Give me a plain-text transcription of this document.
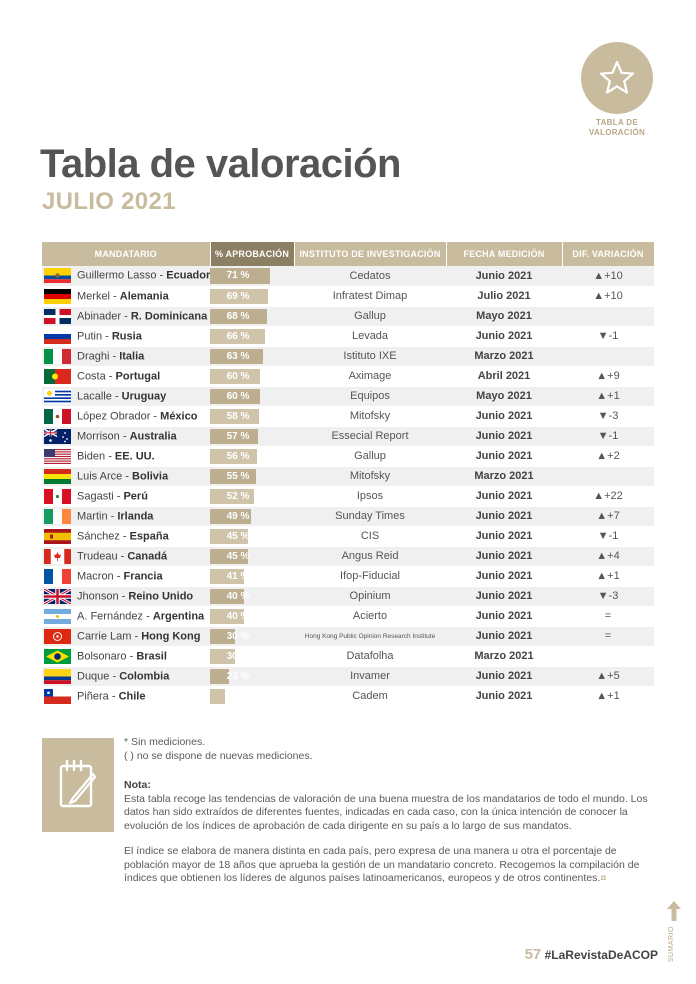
TABLA DE
VALORACIÓN
Tabla de valoración
JULIO 2021
MANDATARIO	% APROBACIÓN	INSTITUTO DE INVESTIGACIÓN	FECHA MEDICIÓN	DIF. VARIACIÓN
Guillermo Lasso - Ecuador	71 %	Cedatos	Junio 2021	▲+10
Merkel - Alemania	69 %	Infratest Dimap	Julio 2021	▲+10
Abinader - R. Dominicana	68 %	Gallup	Mayo 2021	
Putin - Rusia	66 %	Levada	Junio 2021	▼-1
Draghi - Italia	63 %	Istituto IXE	Marzo 2021	
Costa - Portugal	60 %	Aximage	Abril 2021	▲+9
Lacalle - Uruguay	60 %	Equipos	Mayo 2021	▲+1
López Obrador - México	58 %	Mitofsky	Junio 2021	▼-3
Morrison - Australia	57 %	Essecial Report	Junio 2021	▼-1
Biden - EE. UU.	56 %	Gallup	Junio 2021	▲+2
Luis Arce - Bolivia	55 %	Mitofsky	Marzo 2021	
Sagasti - Perú	52 %	Ipsos	Junio 2021	▲+22
Martin - Irlanda	49 %	Sunday Times	Junio 2021	▲+7
Sánchez - España	45 %	CIS	Junio 2021	▼-1
Trudeau - Canadá	45 %	Angus Reid	Junio 2021	▲+4
Macron - Francia	41 %	Ifop-Fiducial	Junio 2021	▲+1
Jhonson - Reino Unido	40 %	Opinium	Junio 2021	▼-3
A. Fernández - Argentina	40 %	Acierto	Junio 2021	=
Carrie Lam - Hong Kong	30 %	Hong Kong Public Opinion Research Institute	Junio 2021	=
Bolsonaro - Brasil	30 %	Datafolha	Marzo 2021	
Duque - Colombia	23 %	Invamer	Junio 2021	▲+5
Piñera - Chile	18 %	Cadem	Junio 2021	▲+1

* Sin mediciones.

( ) no se dispone de nuevas mediciones.

Nota:

Esta tabla recoge las tendencias de valoración de una buena muestra de los mandatarios de todo el mundo. Los datos han sido extraídos de diferentes fuentes, indicadas en cada caso, con la única intención de conocer la evolución de los índices de aprobación de cada dirigente en su país a lo largo de sus mandatos.

El índice se elabora de manera distinta en cada país, pero expresa de una manera u otra el porcentaje de población mayor de 18 años que aprueba la gestión de un mandatario concreto. Recogemos la compilación de índices que obtienen los líderes de algunos países latinoamericanos, europeos y de otros continentes.¤

SUMARIO
57 #LaRevistaDeACOP
